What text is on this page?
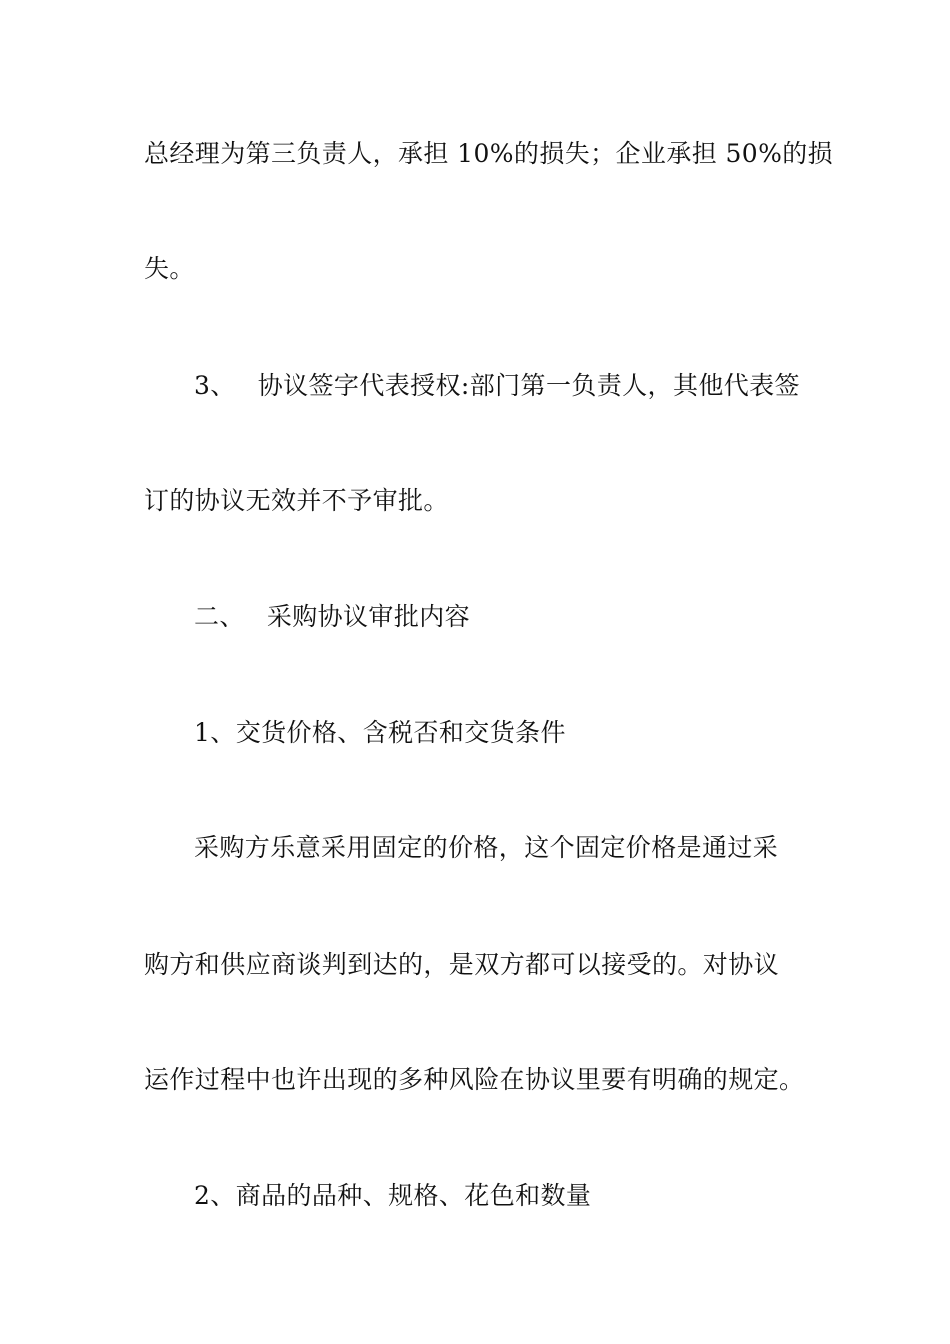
总经理为第三负责人，承担 10%的损失；企业承担 50%的损
失。
3、 协议签字代表授权:部门第一负责人，其他代表签
订的协议无效并不予审批。
二、 采购协议审批内容
1、交货价格、含税否和交货条件
采购方乐意采用固定的价格，这个固定价格是通过采
购方和供应商谈判到达的，是双方都可以接受的。对协议
运作过程中也许出现的多种风险在协议里要有明确的规定。
2、商品的品种、规格、花色和数量
